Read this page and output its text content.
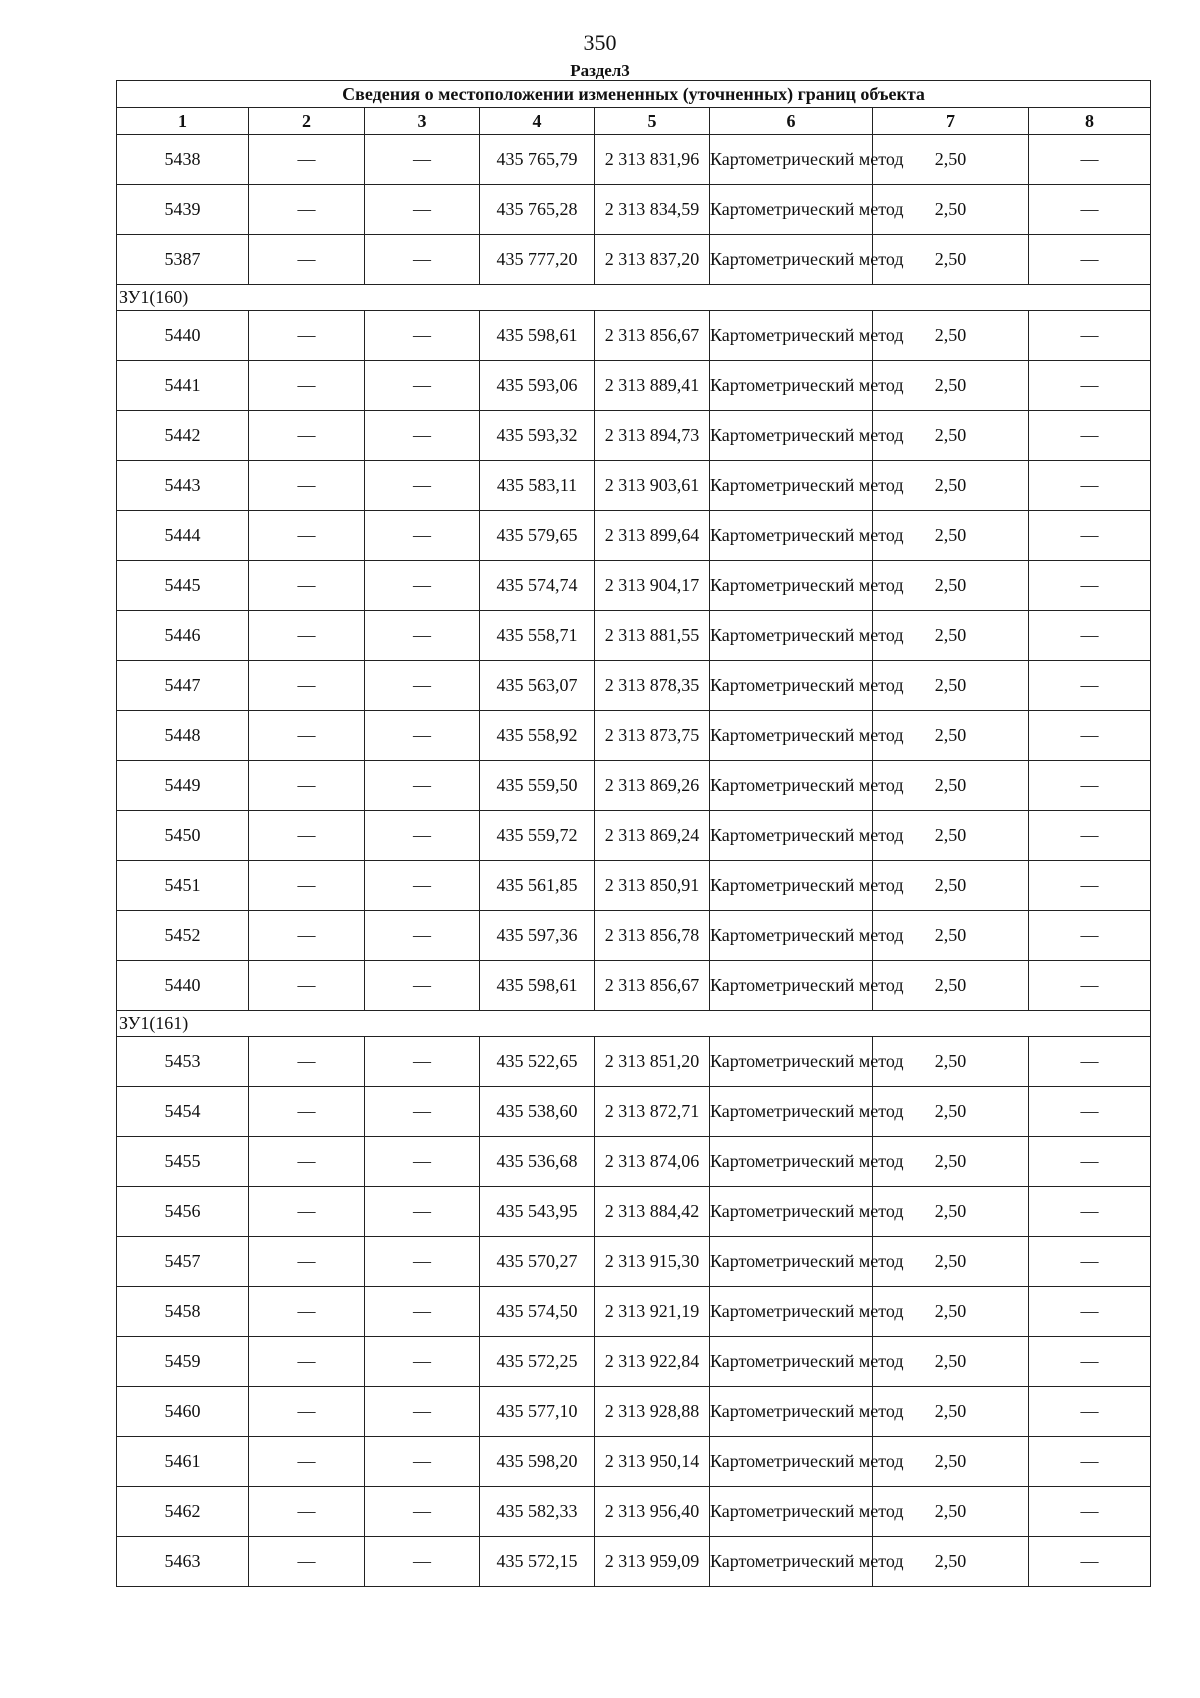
350
Раздел3
Сведения о местоположении измененных (уточненных) границ объекта							
1	2	3	4	5	6	7	8
5438	—	—	435 765,79	2 313 831,96	Картометрический метод	2,50	—
5439	—	—	435 765,28	2 313 834,59	Картометрический метод	2,50	—
5387	—	—	435 777,20	2 313 837,20	Картометрический метод	2,50	—
ЗУ1(160)							
5440	—	—	435 598,61	2 313 856,67	Картометрический метод	2,50	—
5441	—	—	435 593,06	2 313 889,41	Картометрический метод	2,50	—
5442	—	—	435 593,32	2 313 894,73	Картометрический метод	2,50	—
5443	—	—	435 583,11	2 313 903,61	Картометрический метод	2,50	—
5444	—	—	435 579,65	2 313 899,64	Картометрический метод	2,50	—
5445	—	—	435 574,74	2 313 904,17	Картометрический метод	2,50	—
5446	—	—	435 558,71	2 313 881,55	Картометрический метод	2,50	—
5447	—	—	435 563,07	2 313 878,35	Картометрический метод	2,50	—
5448	—	—	435 558,92	2 313 873,75	Картометрический метод	2,50	—
5449	—	—	435 559,50	2 313 869,26	Картометрический метод	2,50	—
5450	—	—	435 559,72	2 313 869,24	Картометрический метод	2,50	—
5451	—	—	435 561,85	2 313 850,91	Картометрический метод	2,50	—
5452	—	—	435 597,36	2 313 856,78	Картометрический метод	2,50	—
5440	—	—	435 598,61	2 313 856,67	Картометрический метод	2,50	—
ЗУ1(161)							
5453	—	—	435 522,65	2 313 851,20	Картометрический метод	2,50	—
5454	—	—	435 538,60	2 313 872,71	Картометрический метод	2,50	—
5455	—	—	435 536,68	2 313 874,06	Картометрический метод	2,50	—
5456	—	—	435 543,95	2 313 884,42	Картометрический метод	2,50	—
5457	—	—	435 570,27	2 313 915,30	Картометрический метод	2,50	—
5458	—	—	435 574,50	2 313 921,19	Картометрический метод	2,50	—
5459	—	—	435 572,25	2 313 922,84	Картометрический метод	2,50	—
5460	—	—	435 577,10	2 313 928,88	Картометрический метод	2,50	—
5461	—	—	435 598,20	2 313 950,14	Картометрический метод	2,50	—
5462	—	—	435 582,33	2 313 956,40	Картометрический метод	2,50	—
5463	—	—	435 572,15	2 313 959,09	Картометрический метод	2,50	—
